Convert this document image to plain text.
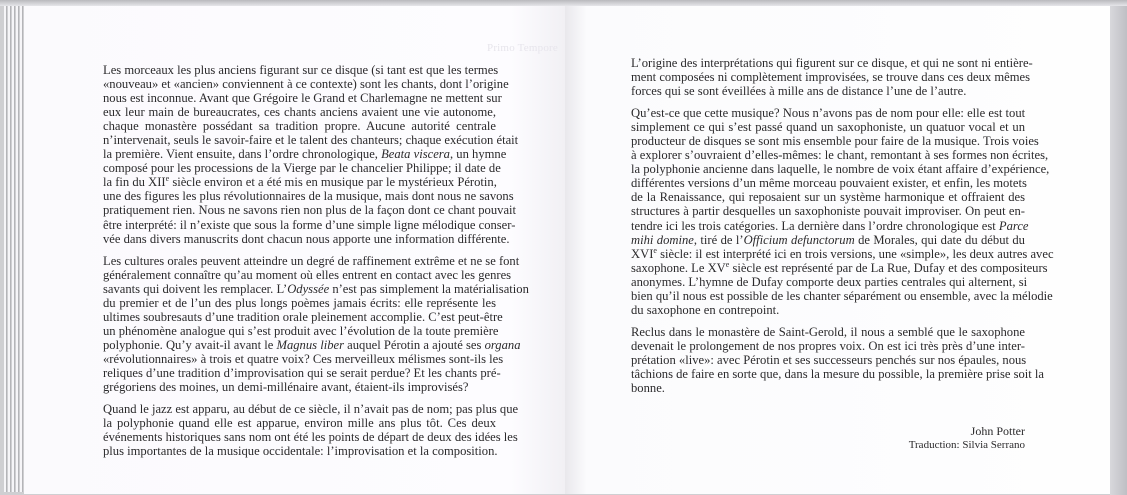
Primo Tempore
Les morceaux les plus anciens figurant sur ce disque (si tant est que les termes
«nouveau» et «ancien» conviennent à ce contexte) sont les chants, dont l’origine
nous est inconnue. Avant que Grégoire le Grand et Charlemagne ne mettent sur
eux leur main de bureaucrates, ces chants anciens avaient une vie autonome,
chaque monastère possédant sa tradition propre. Aucune autorité centrale
n’intervenait, seuls le savoir-faire et le talent des chanteurs; chaque exécution était
la première. Vient ensuite, dans l’ordre chronologique, Beata viscera, un hymne
composé pour les processions de la Vierge par le chancelier Philippe; il date de
la fin du XIIe siècle environ et a été mis en musique par le mystérieux Pérotin,
une des figures les plus révolutionnaires de la musique, mais dont nous ne savons
pratiquement rien. Nous ne savons rien non plus de la façon dont ce chant pouvait
être interprété: il n’existe que sous la forme d’une simple ligne mélodique conser-
vée dans divers manuscrits dont chacun nous apporte une information différente.
Les cultures orales peuvent atteindre un degré de raffinement extrême et ne se font
généralement connaître qu’au moment où elles entrent en contact avec les genres
savants qui doivent les remplacer. L’Odyssée n’est pas simplement la matérialisation
du premier et de l’un des plus longs poèmes jamais écrits: elle représente les
ultimes soubresauts d’une tradition orale pleinement accomplie. C’est peut-être
un phénomène analogue qui s’est produit avec l’évolution de la toute première
polyphonie. Qu’y avait-il avant le Magnus liber auquel Pérotin a ajouté ses organa
«révolutionnaires» à trois et quatre voix? Ces merveilleux mélismes sont-ils les
reliques d’une tradition d’improvisation qui se serait perdue? Et les chants pré-
grégoriens des moines, un demi-millénaire avant, étaient-ils improvisés?
Quand le jazz est apparu, au début de ce siècle, il n’avait pas de nom; pas plus que
la polyphonie quand elle est apparue, environ mille ans plus tôt. Ces deux
événements historiques sans nom ont été les points de départ de deux des idées les
plus importantes de la musique occidentale: l’improvisation et la composition.
L’origine des interprétations qui figurent sur ce disque, et qui ne sont ni entière-
ment composées ni complètement improvisées, se trouve dans ces deux mêmes
forces qui se sont éveillées à mille ans de distance l’une de l’autre.
Qu’est-ce que cette musique? Nous n’avons pas de nom pour elle: elle est tout
simplement ce qui s’est passé quand un saxophoniste, un quatuor vocal et un
producteur de disques se sont mis ensemble pour faire de la musique. Trois voies
à explorer s’ouvraient d’elles-mêmes: le chant, remontant à ses formes non écrites,
la polyphonie ancienne dans laquelle, le nombre de voix étant affaire d’expérience,
différentes versions d’un même morceau pouvaient exister, et enfin, les motets
de la Renaissance, qui reposaient sur un système harmonique et offraient des
structures à partir desquelles un saxophoniste pouvait improviser. On peut en-
tendre ici les trois catégories. La dernière dans l’ordre chronologique est Parce
mihi domine, tiré de l’Officium defunctorum de Morales, qui date du début du
XVIe siècle: il est interprété ici en trois versions, une «simple», les deux autres avec
saxophone. Le XVe siècle est représenté par de La Rue, Dufay et des compositeurs
anonymes. L’hymne de Dufay comporte deux parties centrales qui alternent, si
bien qu’il nous est possible de les chanter séparément ou ensemble, avec la mélodie
du saxophone en contrepoint.
Reclus dans le monastère de Saint-Gerold, il nous a semblé que le saxophone
devenait le prolongement de nos propres voix. On est ici très près d’une inter-
prétation «live»: avec Pérotin et ses successeurs penchés sur nos épaules, nous
tâchions de faire en sorte que, dans la mesure du possible, la première prise soit la
bonne.
John Potter
Traduction: Silvia Serrano
